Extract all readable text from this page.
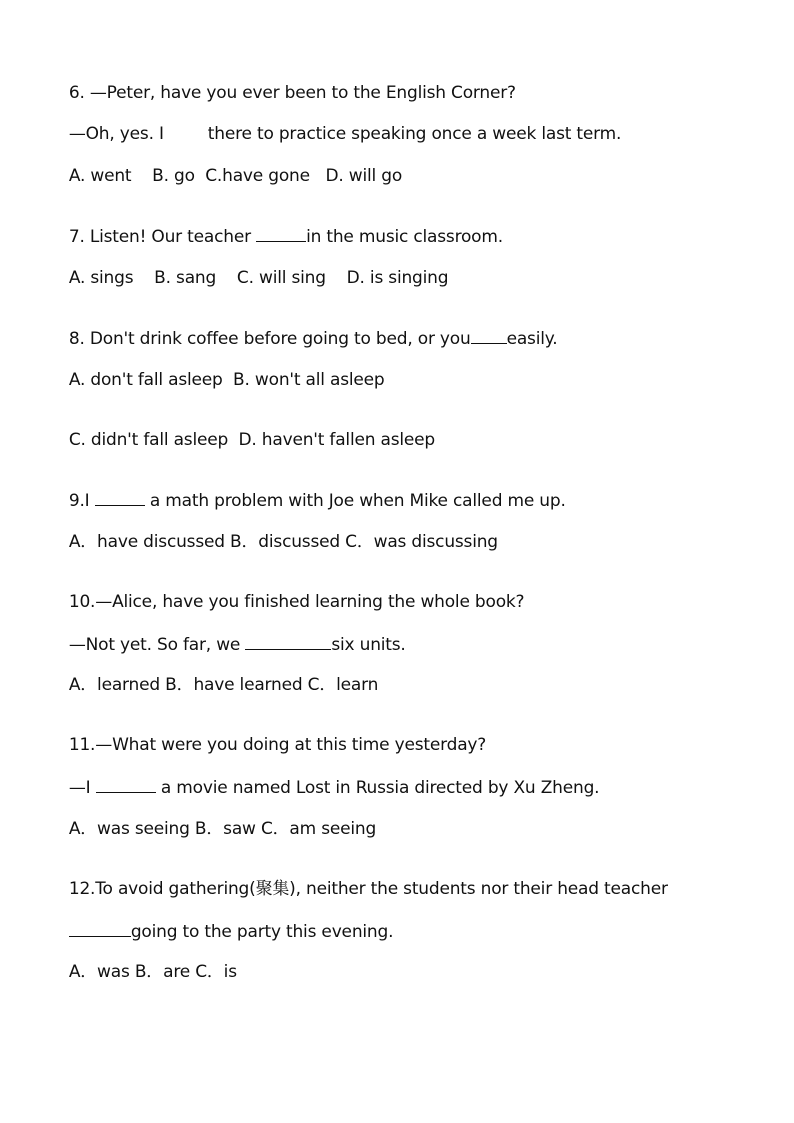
6. —Peter, have you ever been to the English Corner?

—Oh, yes. I	there to practice speaking once a week last term.

A. went    B. go  C.have gone   D. will go

7. Listen! Our teacher	in the music classroom.

A. sings    B. sang    C. will sing    D. is singing

8. Don't drink coffee before going to bed, or you easily.

A. don't fall asleep  B. won't all asleep

C. didn't fall asleep  D. haven't fallen asleep

9.I	a math problem with Joe when Mike called me up.

A．have discussed B．discussed C．was discussing

10.—Alice, have you finished learning the whole book?

—Not yet. So far, we	six units.

A．learned B．have learned C．learn

11.—What were you doing at this time yesterday?

—I	a movie named Lost in Russia directed by Xu Zheng.

A．was seeing B．saw C．am seeing

12.To avoid gathering(聚集), neither the students nor their head teacher

going to the party this evening.

A．was B．are C．is
